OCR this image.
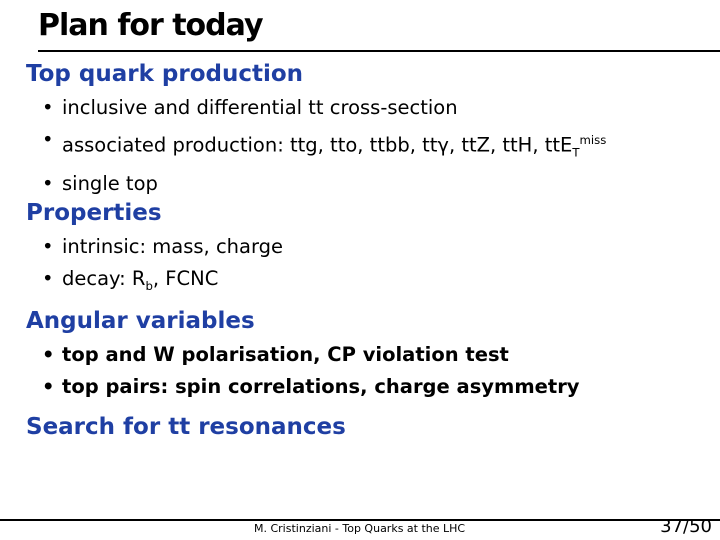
Plan for today
Top quark production
• inclusive and differential tt cross-section
• associated production: ttg, tto, ttbb, ttγ, ttZ, ttH, ttE$_T^{miss}$
• single top
Properties
• intrinsic: mass, charge
• decay: $R_b$, FCNC
Angular variables
• top and W polarisation, CP violation test
• top pairs: spin correlations, charge asymmetry
Search for tt resonances
M. Cristinziani - Top Quarks at the LHC	37/50
